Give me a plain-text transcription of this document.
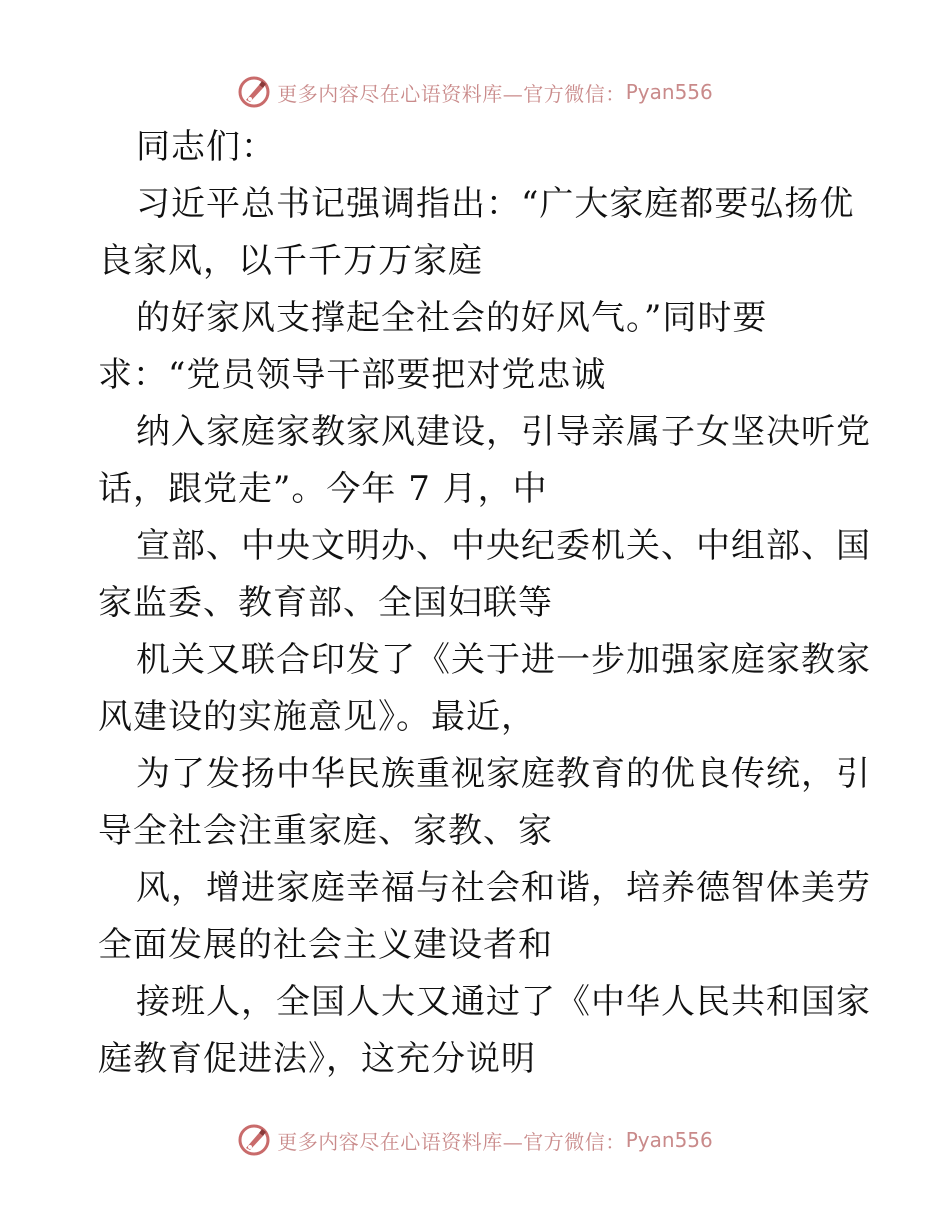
更多内容尽在心语资料库—官方微信： Pyan556
同志们：
习近平总书记强调指出：“广大家庭都要弘扬优
良家风，以千千万万家庭
的好家风支撑起全社会的好风气。”同时要
求：“党员领导干部要把对党忠诚
纳入家庭家教家风建设，引导亲属子女坚决听党
话，跟党走”。今年 7 月，中
宣部、中央文明办、中央纪委机关、中组部、国
家监委、教育部、全国妇联等
机关又联合印发了《关于进一步加强家庭家教家
风建设的实施意见》。最近，
为了发扬中华民族重视家庭教育的优良传统，引
导全社会注重家庭、家教、家
风，增进家庭幸福与社会和谐，培养德智体美劳
全面发展的社会主义建设者和
接班人，全国人大又通过了《中华人民共和国家
庭教育促进法》，这充分说明
更多内容尽在心语资料库—官方微信： Pyan556
